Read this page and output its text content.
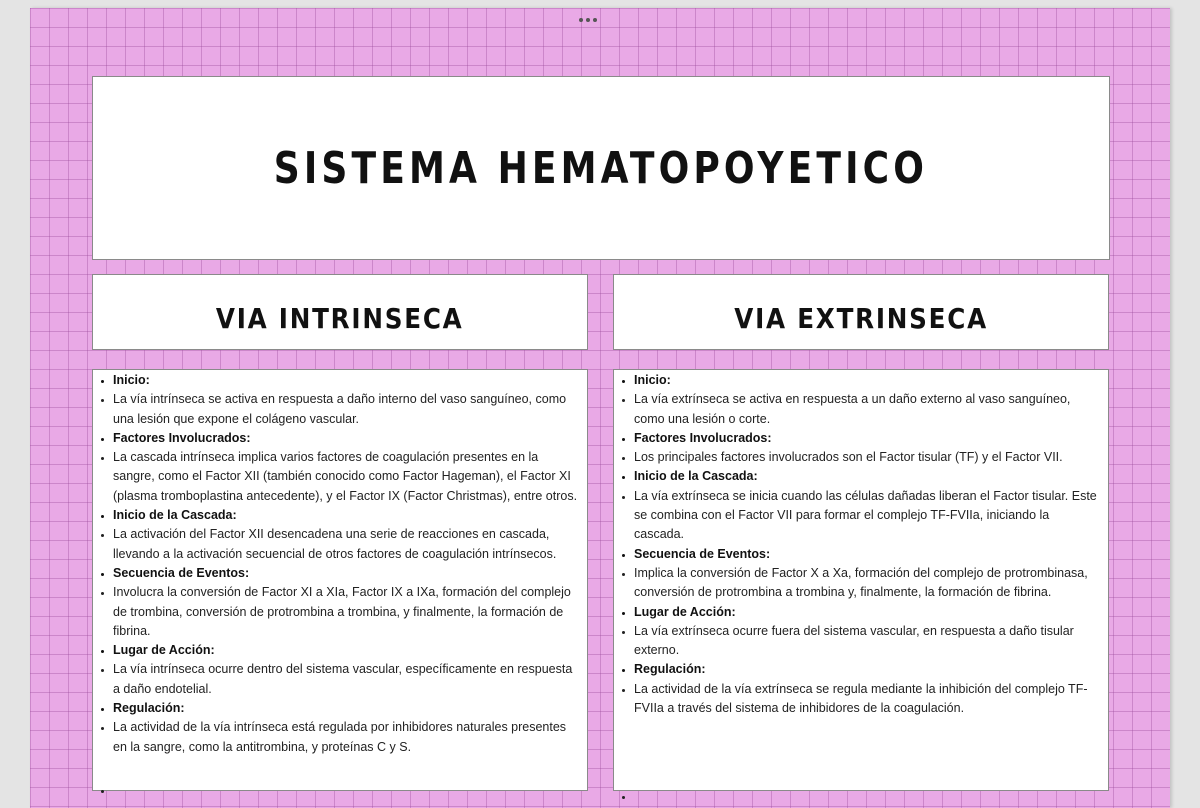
SISTEMA HEMATOPOYETICO
VIA INTRINSECA	VIA EXTRINSECA
• Inicio:
• La vía intrínseca se activa en respuesta a daño interno del vaso sanguíneo, como una lesión que expone el colágeno vascular.
• Factores Involucrados:
• La cascada intrínseca implica varios factores de coagulación presentes en la sangre, como el Factor XII (también conocido como Factor Hageman), el Factor XI (plasma tromboplastina antecedente), y el Factor IX (Factor Christmas), entre otros.
• Inicio de la Cascada:
• La activación del Factor XII desencadena una serie de reacciones en cascada, llevando a la activación secuencial de otros factores de coagulación intrínsecos.
• Secuencia de Eventos:
• Involucra la conversión de Factor XI a XIa, Factor IX a IXa, formación del complejo de trombina, conversión de protrombina a trombina, y finalmente, la formación de fibrina.
• Lugar de Acción:
• La vía intrínseca ocurre dentro del sistema vascular, específicamente en respuesta a daño endotelial.
• Regulación:
• La actividad de la vía intrínseca está regulada por inhibidores naturales presentes en la sangre, como la antitrombina, y proteínas C y S.
• Inicio:
• La vía extrínseca se activa en respuesta a un daño externo al vaso sanguíneo, como una lesión o corte.
• Factores Involucrados:
• Los principales factores involucrados son el Factor tisular (TF) y el Factor VII.
• Inicio de la Cascada:
• La vía extrínseca se inicia cuando las células dañadas liberan el Factor tisular. Este se combina con el Factor VII para formar el complejo TF-FVIIa, iniciando la cascada.
• Secuencia de Eventos:
• Implica la conversión de Factor X a Xa, formación del complejo de protrombinasa, conversión de protrombina a trombina y, finalmente, la formación de fibrina.
• Lugar de Acción:
• La vía extrínseca ocurre fuera del sistema vascular, en respuesta a daño tisular externo.
• Regulación:
• La actividad de la vía extrínseca se regula mediante la inhibición del complejo TF-FVIIa a través del sistema de inhibidores de la coagulación.
